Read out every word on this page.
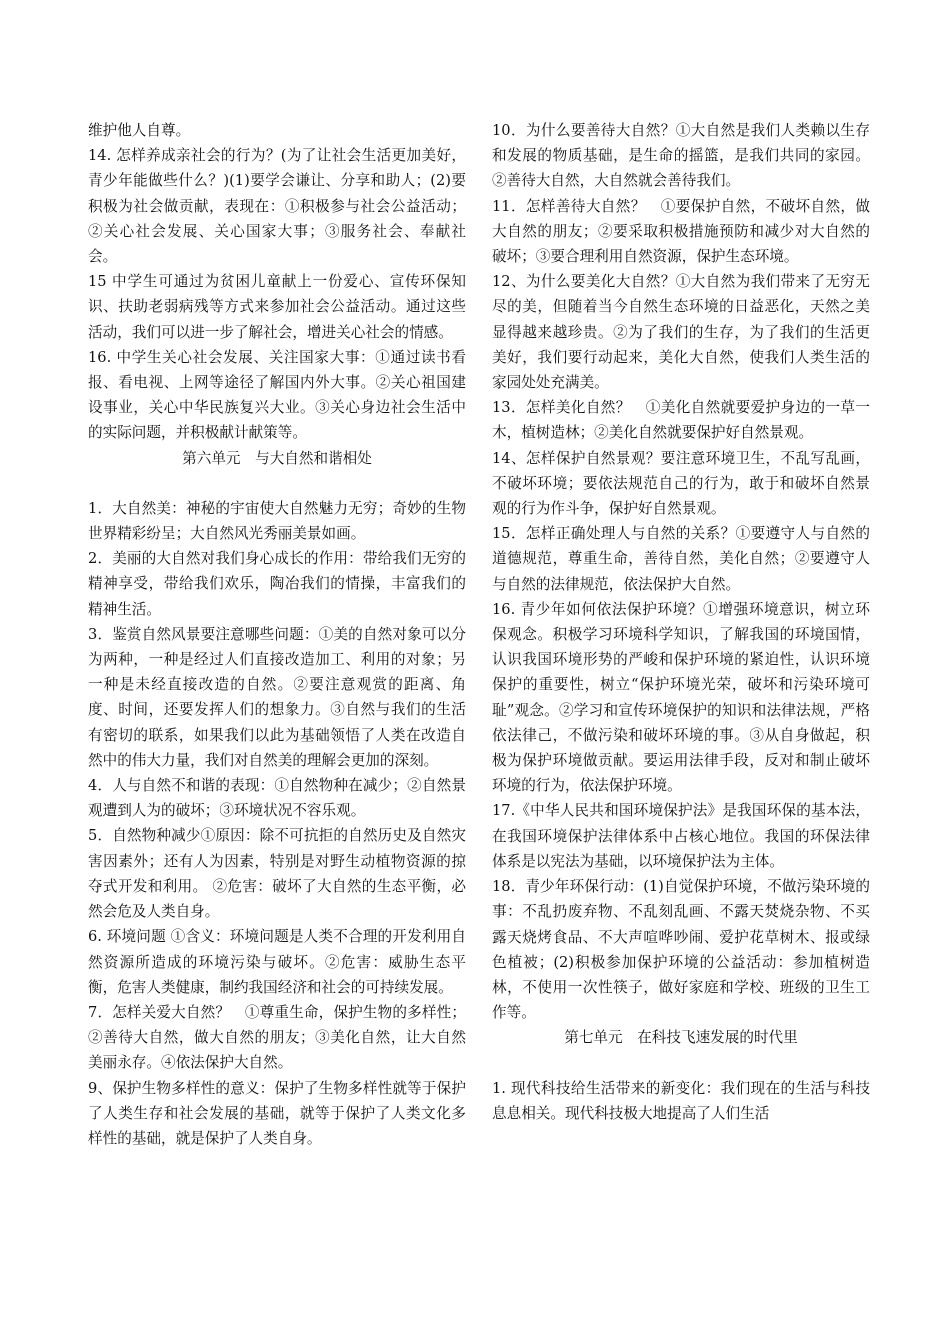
维护他人自尊。

14. 怎样养成亲社会的行为？(为了让社会生活更加美好，青少年能做些什么？)(1)要学会谦让、分享和助人；(2)要积极为社会做贡献，表现在：①积极参与社会公益活动；②关心社会发展、关心国家大事；③服务社会、奉献社会。

15 中学生可通过为贫困儿童献上一份爱心、宣传环保知识、扶助老弱病残等方式来参加社会公益活动。通过这些活动，我们可以进一步了解社会，增进关心社会的情感。

16. 中学生关心社会发展、关注国家大事：①通过读书看报、看电视、上网等途径了解国内外大事。②关心祖国建设事业，关心中华民族复兴大业。③关心身边社会生活中的实际问题，并积极献计献策等。

第六单元　与大自然和谐相处

1．大自然美：神秘的宇宙使大自然魅力无穷；奇妙的生物世界精彩纷呈；大自然风光秀丽美景如画。

2．美丽的大自然对我们身心成长的作用：带给我们无穷的精神享受，带给我们欢乐，陶冶我们的情操，丰富我们的精神生活。

3．鉴赏自然风景要注意哪些问题：①美的自然对象可以分为两种，一种是经过人们直接改造加工、利用的对象；另一种是未经直接改造的自然。②要注意观赏的距离、角度、时间，还要发挥人们的想象力。③自然与我们的生活有密切的联系，如果我们以此为基础领悟了人类在改造自然中的伟大力量，我们对自然美的理解会更加的深刻。

4．人与自然不和谐的表现：①自然物种在减少；②自然景观遭到人为的破坏；③环境状况不容乐观。

5．自然物种减少①原因：除不可抗拒的自然历史及自然灾害因素外；还有人为因素，特别是对野生动植物资源的掠夺式开发和利用。 ②危害：破坏了大自然的生态平衡，必然会危及人类自身。

6. 环境问题 ①含义：环境问题是人类不合理的开发利用自然资源所造成的环境污染与破坏。②危害：威胁生态平衡，危害人类健康，制约我国经济和社会的可持续发展。

7．怎样关爱大自然？　①尊重生命，保护生物的多样性；②善待大自然，做大自然的朋友；③美化自然，让大自然美丽永存。④依法保护大自然。

9、保护生物多样性的意义：保护了生物多样性就等于保护了人类生存和社会发展的基础，就等于保护了人类文化多样性的基础，就是保护了人类自身。

10．为什么要善待大自然？①大自然是我们人类赖以生存和发展的物质基础，是生命的摇篮，是我们共同的家园。②善待大自然，大自然就会善待我们。

11．怎样善待大自然？　①要保护自然，不破坏自然，做大自然的朋友；②要采取积极措施预防和减少对大自然的破坏；③要合理利用自然资源，保护生态环境。

12、为什么要美化大自然？①大自然为我们带来了无穷无尽的美，但随着当今自然生态环境的日益恶化，天然之美显得越来越珍贵。②为了我们的生存，为了我们的生活更美好，我们要行动起来，美化大自然，使我们人类生活的家园处处充满美。

13．怎样美化自然？　①美化自然就要爱护身边的一草一木，植树造林；②美化自然就要保护好自然景观。

14、怎样保护自然景观？要注意环境卫生，不乱写乱画，不破坏环境；要依法规范自己的行为，敢于和破坏自然景观的行为作斗争，保护好自然景观。

15．怎样正确处理人与自然的关系？①要遵守人与自然的道德规范，尊重生命，善待自然，美化自然；②要遵守人与自然的法律规范，依法保护大自然。

16. 青少年如何依法保护环境？①增强环境意识，树立环保观念。积极学习环境科学知识，了解我国的环境国情，认识我国环境形势的严峻和保护环境的紧迫性，认识环境保护的重要性，树立“保护环境光荣，破坏和污染环境可耻”观念。②学习和宣传环境保护的知识和法律法规，严格依法律己，不做污染和破坏环境的事。③从自身做起，积极为保护环境做贡献。要运用法律手段，反对和制止破坏环境的行为，依法保护环境。

17.《中华人民共和国环境保护法》是我国环保的基本法，在我国环境保护法律体系中占核心地位。我国的环保法律体系是以宪法为基础，以环境保护法为主体。

18．青少年环保行动：(1)自觉保护环境，不做污染环境的事：不乱扔废弃物、不乱刻乱画、不露天焚烧杂物、不买露天烧烤食品、不大声喧哗吵闹、爱护花草树木、报或绿色植被；(2)积极参加保护环境的公益活动：参加植树造林，不使用一次性筷子，做好家庭和学校、班级的卫生工作等。

第七单元　在科技飞速发展的时代里

1. 现代科技给生活带来的新变化：我们现在的生活与科技息息相关。现代科技极大地提高了人们生活
